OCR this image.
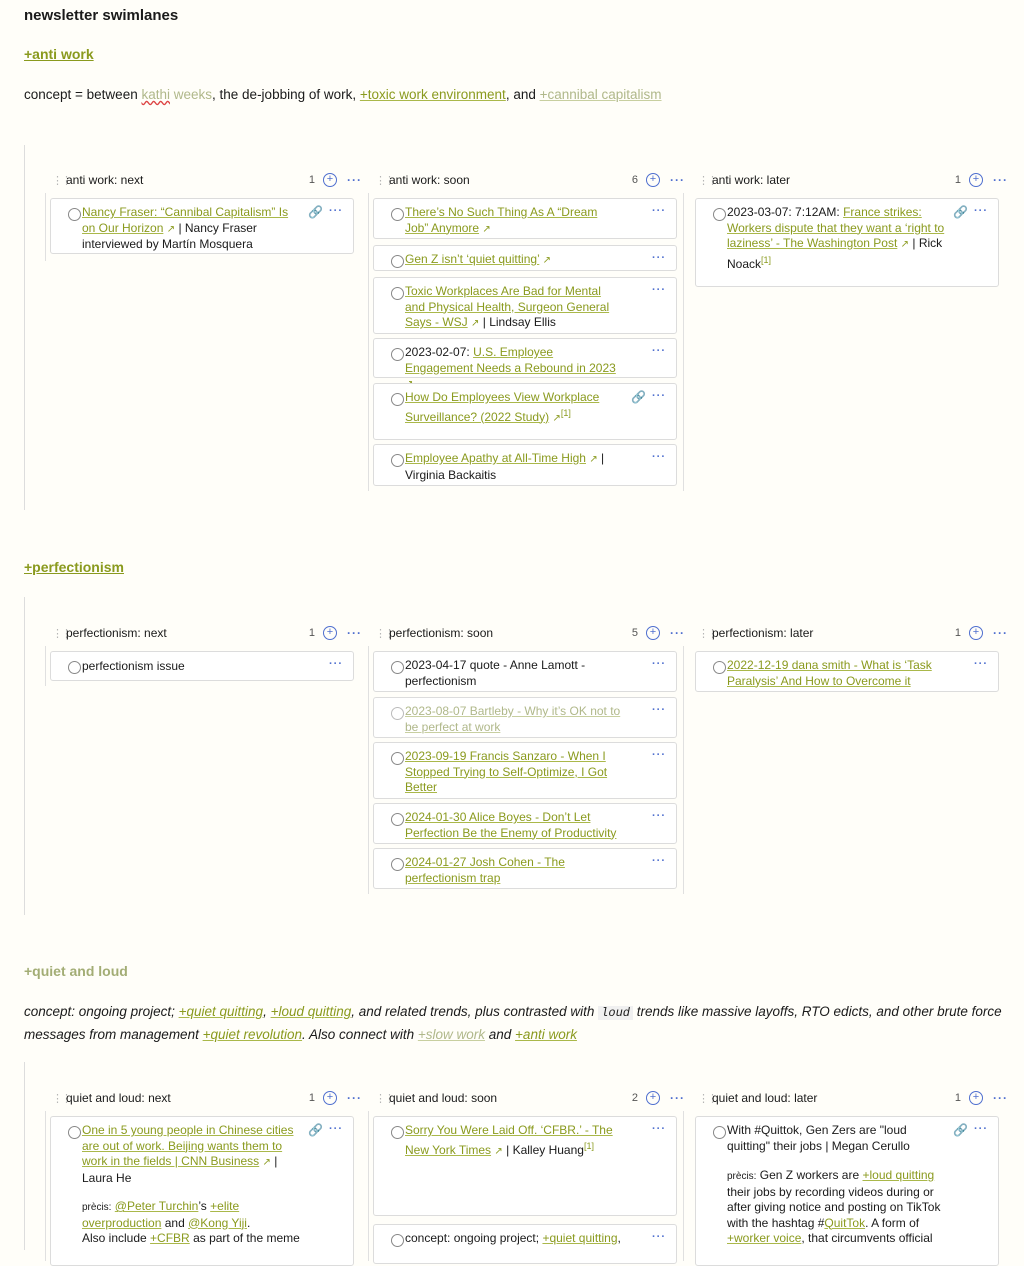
newsletter swimlanes
+anti work
concept = between kathi weeks, the de-jobbing of work, +toxic work environment, and +cannibal capitalism
⋮⋮
anti work: next	1	+	···
Nancy Fraser: “Cannibal Capitalism” Is on Our Horizon ↗ | Nancy Fraser interviewed by Martín Mosquera
🔗 ···
⋮⋮
anti work: soon	6	+	···
There’s No Such Thing As A “Dream Job” Anymore ↗
···
Gen Z isn’t ‘quiet quitting’ ↗	···
Toxic Workplaces Are Bad for Mental and Physical Health, Surgeon General Says - WSJ ↗ | Lindsay Ellis
···
2023-02-07: U.S. Employee Engagement Needs a Rebound in 2023
···
How Do Employees View Workplace Surveillance? (2022 Study) ↗[1]
🔗 ···
Employee Apathy at All-Time High ↗ | Virginia Backaitis
···
⋮⋮
anti work: later	1	+	···
2023-03-07: 7:12AM: France strikes: Workers dispute that they want a ‘right to laziness’ - The Washington Post ↗ | Rick Noack[1]
🔗 ···
+perfectionism
⋮⋮
perfectionism: next	1	+	···
perfectionism issue	···
⋮⋮
perfectionism: soon	5	+	···
2023-04-17 quote - Anne Lamott - perfectionism
···
2023-08-07 Bartleby - Why it’s OK not to be perfect at work
···
2023-09-19 Francis Sanzaro - When I Stopped Trying to Self-Optimize, I Got Better
···
2024-01-30 Alice Boyes - Don’t Let Perfection Be the Enemy of Productivity
···
2024-01-27 Josh Cohen - The perfectionism trap
···
⋮⋮
perfectionism: later	1	+	···
2022-12-19 dana smith - What is ‘Task Paralysis’ And How to Overcome it
···
+quiet and loud
concept: ongoing project; +quiet quitting, +loud quitting, and related trends, plus contrasted with loud trends like massive layoffs, RTO edicts, and other brute force messages from management +quiet revolution. Also connect with +slow work and +anti work
⋮⋮
quiet and loud: next	1	+	···
One in 5 young people in Chinese cities are out of work. Beijing wants them to work in the fields | CNN Business ↗ | Laura He
prècis: @Peter Turchin’s +elite overproduction and @Kong Yiji.
Also include +CFBR as part of the meme
🔗 ···
⋮⋮
quiet and loud: soon	2	+	···
Sorry You Were Laid Off. ‘CFBR.’ - The New York Times ↗ | Kalley Huang[1]
···
concept: ongoing project; +quiet quitting,	···
⋮⋮
quiet and loud: later	1	+	···
With #Quittok, Gen Zers are "loud quitting" their jobs | Megan Cerullo
prècis: Gen Z workers are +loud quitting their jobs by recording videos during or after giving notice and posting on TikTok with the hashtag #QuitTok. A form of +worker voice, that circumvents official
🔗 ···
